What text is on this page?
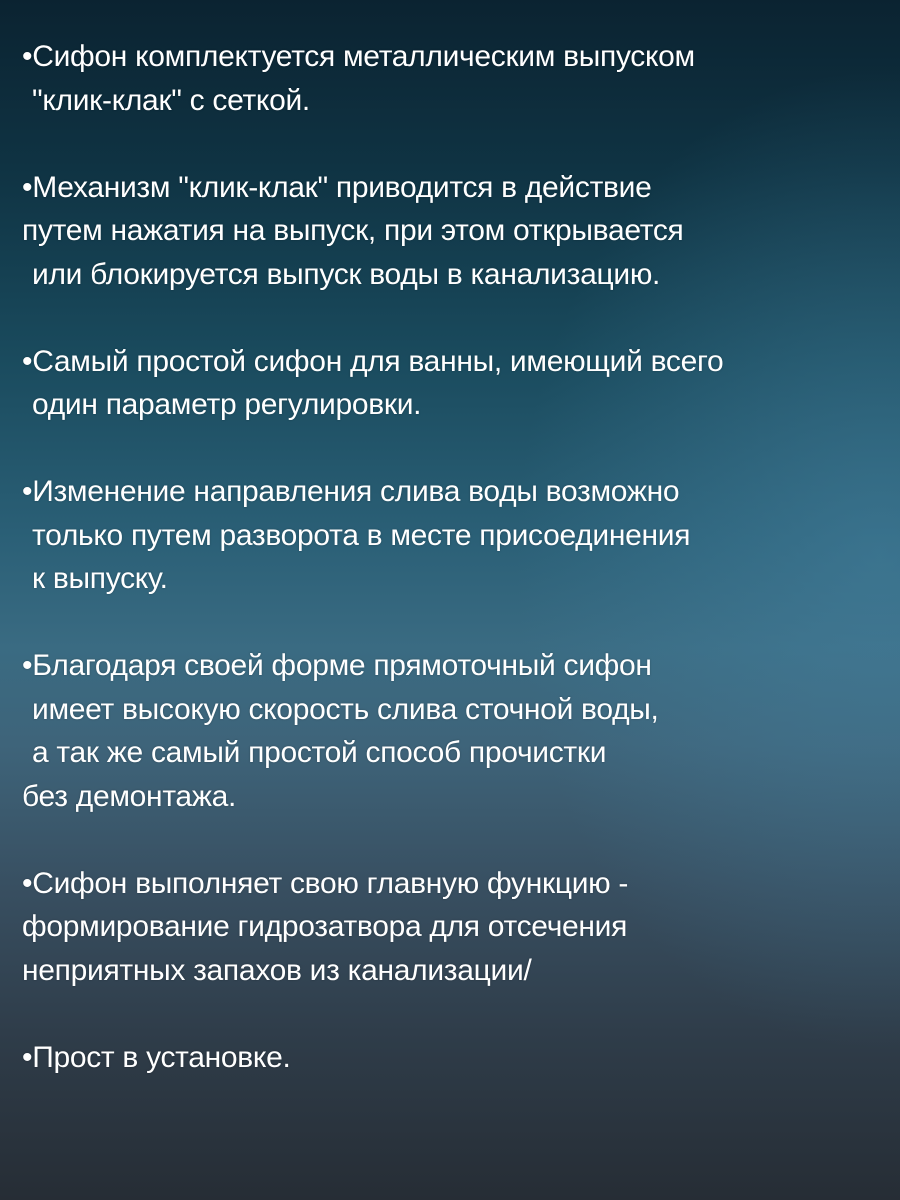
•Сифон комплектуется металлическим выпуском
"клик-клак" с сеткой.
•Механизм "клик-клак" приводится в действие
путем нажатия на выпуск, при этом открывается
или блокируется выпуск воды в канализацию.
•Самый простой сифон для ванны, имеющий всего
один параметр регулировки.
•Изменение направления слива воды возможно
только путем разворота в месте присоединения
к выпуску.
•Благодаря своей форме прямоточный сифон
имеет высокую скорость слива сточной воды,
а так же самый простой способ прочистки
без демонтажа.
•Сифон выполняет свою главную функцию -
формирование гидрозатвора для отсечения
неприятных запахов из канализации/
•Прост в установке.
